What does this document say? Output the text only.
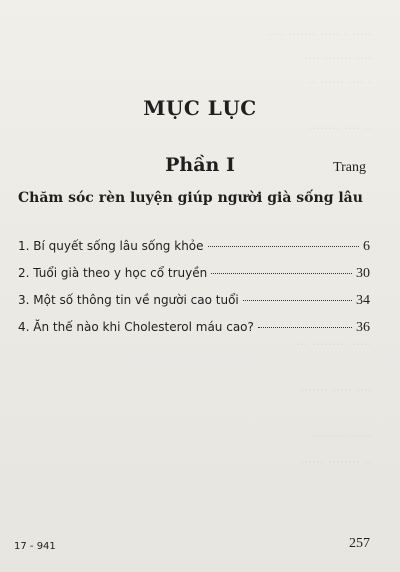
···· ······· ····· · ·····
···· ······· ····
·· ······ ···· ·
········ ···· ··
··· ········ ······
······· ····· ····
········ ······
······ ········ ··
MỤC LỤC
Phần I	Trang
Chăm sóc rèn luyện giúp người già sống lâu
1. Bí quyết sống lâu sống khỏe	6
2. Tuổi già theo y học cổ truyền	30
3. Một số thông tin về người cao tuổi	34
4. Ăn thế nào khi Cholesterol máu cao?	36
17 - 941	257
